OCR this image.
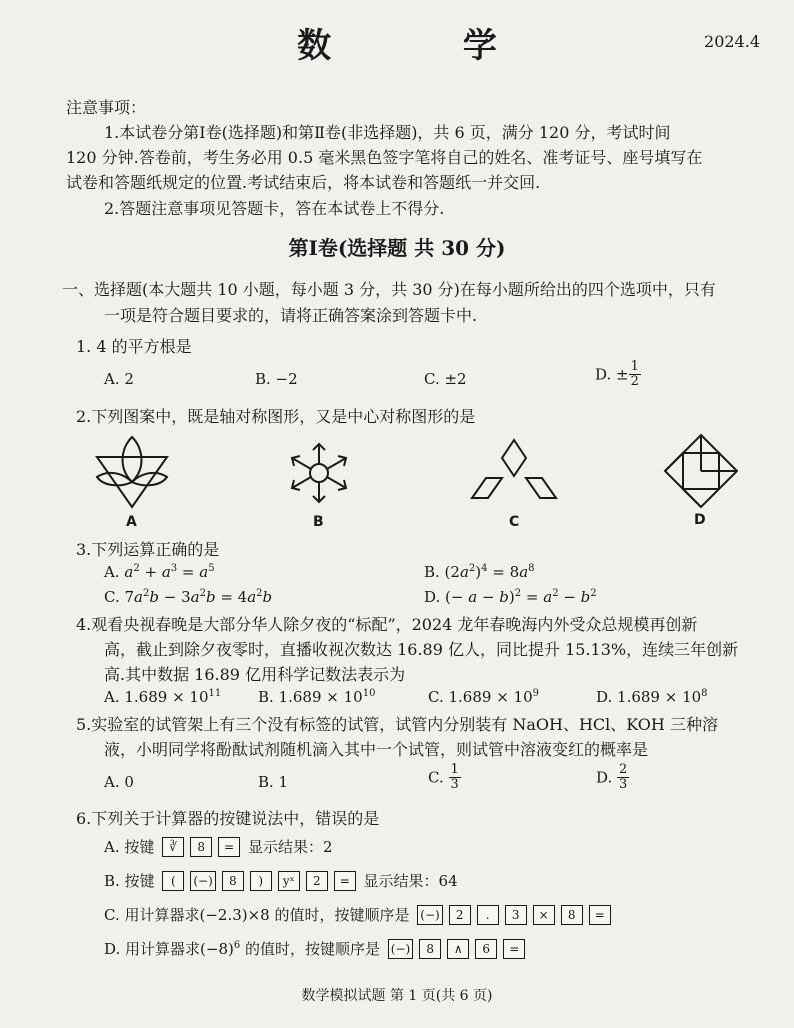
数 学	2024.4
注意事项：
1.本试卷分第Ⅰ卷(选择题)和第Ⅱ卷(非选择题)，共 6 页，满分 120 分，考试时间
120 分钟.答卷前，考生务必用 0.5 毫米黑色签字笔将自己的姓名、准考证号、座号填写在
试卷和答题纸规定的位置.考试结束后，将本试卷和答题纸一并交回.
2.答题注意事项见答题卡，答在本试卷上不得分.
第Ⅰ卷(选择题 共 30 分)
一、选择题(本大题共 10 小题，每小题 3 分，共 30 分)在每小题所给出的四个选项中，只有
一项是符合题目要求的，请将正确答案涂到答题卡中.
1. 4 的平方根是
A. 2	B. −2	C. ±2	D. ± $\frac{1}{2}$
2.下列图案中，既是轴对称图形，又是中心对称图形的是
A	B	C	D
3.下列运算正确的是
A. $a^2 + a^3 = a^5$	B. $(2a^2)^4 = 8a^8$
C. $7a^2b - 3a^2b = 4a^2b$	D. (− $a - b)^2 = a^2 - b^2$
4.观看央视春晚是大部分华人除夕夜的“标配”，2024 龙年春晚海内外受众总规模再创新
高，截止到除夕夜零时，直播收视次数达 16.89 亿人，同比提升 15.13%，连续三年创新
高.其中数据 16.89 亿用科学记数法表示为
A. $1.689 \times 10^{11}$ B. $1.689 \times 10^{10}$	C. $1.689 \times 10^9$	D. $1.689 \times 10^8$
5.实验室的试管架上有三个没有标签的试管，试管内分别装有 NaOH、HCl、KOH 三种溶
液，小明同学将酚酞试剂随机滴入其中一个试管，则试管中溶液变红的概率是
A. 0	B. 1	C. $\frac{1}{3}$	D. $\frac{2}{3}$
6.下列关于计算器的按键说法中，错误的是
A. 按键 ∛ 8 = 显示结果：2
B. 按键 ( (−) 8 ) yˣ 2 = 显示结果：64
C. 用计算器求(−2.3)×8 的值时，按键顺序是 (−) 2 . 3 × 8 =
D. 用计算器求$(-8)^6$ 的值时，按键顺序是 (−) 8 ∧ 6 =
数学模拟试题 第 1 页(共 6 页)
